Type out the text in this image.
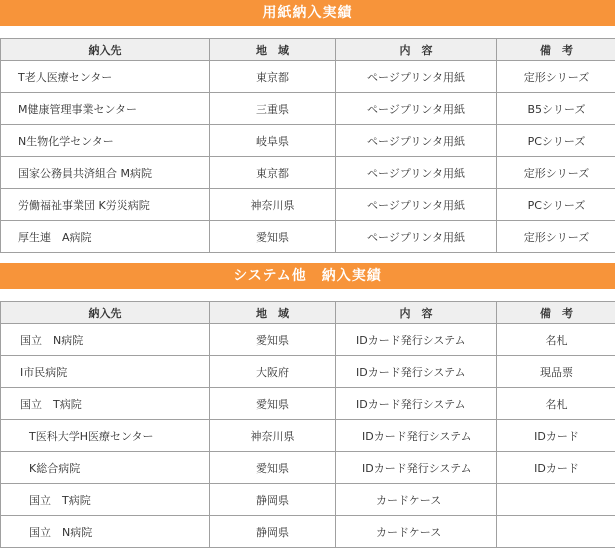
用紙納入実績
納入先	地　域	内　容	備　考
T老人医療センター	東京都	ページプリンタ用紙	定形シリーズ
M健康管理事業センター	三重県	ページプリンタ用紙	B5シリーズ
N生物化学センター	岐阜県	ページプリンタ用紙	PCシリーズ
国家公務員共済組合 M病院	東京都	ページプリンタ用紙	定形シリーズ
労働福祉事業団 K労災病院	神奈川県	ページプリンタ用紙	PCシリーズ
厚生連　A病院	愛知県	ページプリンタ用紙	定形シリーズ
システム他　納入実績
納入先	地　域	内　容	備　考
国立　N病院	愛知県	IDカード発行システム	名札
I市民病院	大阪府	IDカード発行システム	現品票
国立　T病院	愛知県	IDカード発行システム	名札
T医科大学H医療センター	神奈川県	IDカード発行システム	IDカード
K総合病院	愛知県	IDカード発行システム	IDカード
国立　T病院	静岡県	カードケース	
国立　N病院	静岡県	カードケース	
